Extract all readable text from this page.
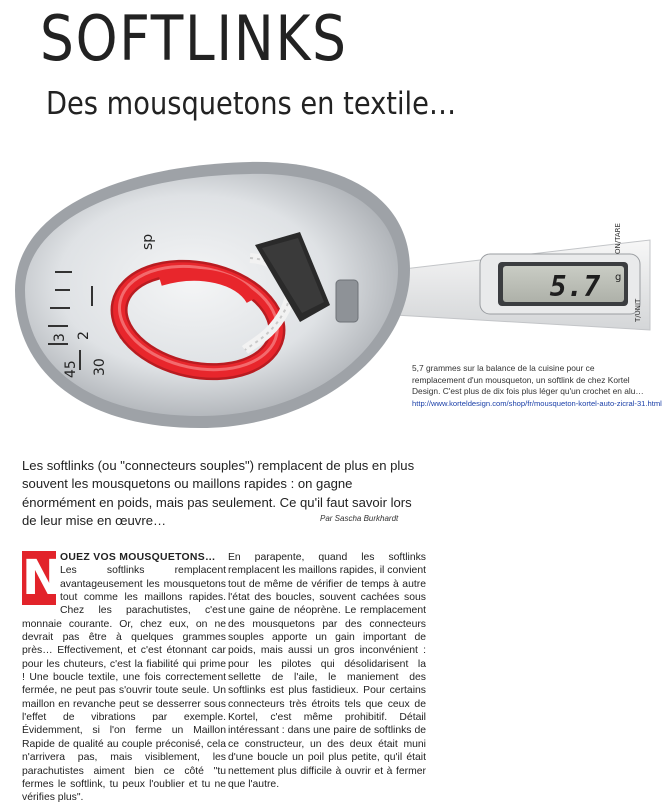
SOFTLINKS
Des mousquetons en textile…
5.7 g
ON/TARE
T/UNIT
3 2
45 30
1
sp

5,7 grammes sur la balance de la cuisine pour ce remplacement d'un mousqueton, un softlink de chez Kortel Design. C'est plus de dix fois plus léger qu'un crochet en alu…
http://www.korteldesign.com/shop/fr/mousqueton-kortel-auto-zicral-31.html

Les softlinks (ou "connecteurs souples") remplacent de plus en plus souvent les mousquetons ou maillons rapides : on gagne énormément en poids, mais pas seulement. Ce qu'il faut savoir lors de leur mise en œuvre…	Par Sascha Burkhardt

N
OUEZ VOS MOUSQUETONS…
Les softlinks remplacent avantageusement les mousquetons tout comme les maillons rapides. Chez les parachutistes, c'est monnaie courante. Or, chez eux, on ne devrait pas être à quelques grammes près… Effectivement, et c'est étonnant car pour les chuteurs, c'est la fiabilité qui prime ! Une boucle textile, une fois correctement fermée, ne peut pas s'ouvrir toute seule. Un maillon en revanche peut se desserrer sous l'effet de vibrations par exemple. Évidemment, si l'on ferme un Maillon Rapide de qualité au couple préconisé, cela n'arrivera pas, mais visiblement, les parachutistes aiment bien ce côté "tu fermes le softlink, tu peux l'oublier et tu ne vérifies plus".
En parapente, quand les softlinks remplacent les maillons rapides, il convient tout de même de vérifier de temps à autre l'état des boucles, souvent cachées sous une gaine de néoprène. Le remplacement des mousquetons par des connecteurs souples apporte un gain important de poids, mais aussi un gros inconvénient : pour les pilotes qui désolidarisent la sellette de l'aile, le maniement des softlinks est plus fastidieux. Pour certains connecteurs très étroits tels que ceux de Kortel, c'est même prohibitif. Détail intéressant : dans une paire de softlinks de ce constructeur, un des deux était muni d'une boucle un poil plus petite, qu'il était nettement plus difficile à ouvrir et à fermer que l'autre.
